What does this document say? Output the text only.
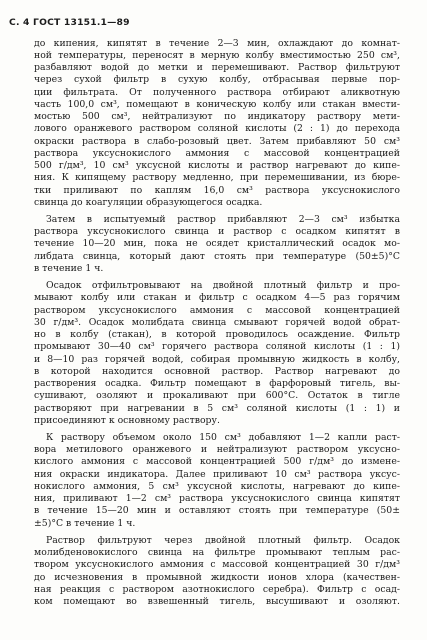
С. 4 ГОСТ 13151.1—89
до кипения, кипятят в течение 2—3 мин, охлаждают до комнат-
ной температуры, переносят в мерную колбу вместимостью 250 см³,
разбавляют водой до метки и перемешивают. Раствор фильтруют
через сухой фильтр в сухую колбу, отбрасывая первые пор-
ции фильтрата. От полученного раствора отбирают аликвотную
часть 100,0 см³, помещают в коническую колбу или стакан вмести-
мостью 500 см³, нейтрализуют по индикатору раствору мети-
лового оранжевого раствором соляной кислоты (2 : 1) до перехода
окраски раствора в слабо-розовый цвет. Затем прибавляют 50 см³
раствора уксуснокислого аммония с массовой концентрацией
500 г/дм³, 10 см³ уксусной кислоты и раствор нагревают до кипе-
ния. К кипящему раствору медленно, при перемешивании, из бюре-
тки приливают по каплям 16,0 см³ раствора уксуснокислого
свинца до коагуляции образующегося осадка.
Затем в испытуемый раствор прибавляют 2—3 см³ избытка
раствора уксуснокислого свинца и раствор с осадком кипятят в
течение 10—20 мин, пока не осядет кристаллический осадок мо-
либдата свинца, который дают стоять при температуре (50±5)°С
в течение 1 ч.
Осадок отфильтровывают на двойной плотный фильтр и про-
мывают колбу или стакан и фильтр с осадком 4—5 раз горячим
раствором уксуснокислого аммония с массовой концентрацией
30 г/дм³. Осадок молибдата свинца смывают горячей водой обрат-
но в колбу (стакан), в которой проводилось осаждение. Фильтр
промывают 30—40 см³ горячего раствора соляной кислоты (1 : 1)
и 8—10 раз горячей водой, собирая промывную жидкость в колбу,
в которой находится основной раствор. Раствор нагревают до
растворения осадка. Фильтр помещают в фарфоровый тигель, вы-
сушивают, озоляют и прокаливают при 600°С. Остаток в тигле
растворяют при нагревании в 5 см³ соляной кислоты (1 : 1) и
присоединяют к основному раствору.
К раствору объемом около 150 см³ добавляют 1—2 капли раст-
вора метилового оранжевого и нейтрализуют раствором уксусно-
кислого аммония с массовой концентрацией 500 г/дм³ до измене-
ния окраски индикатора. Далее приливают 10 см³ раствора уксус-
нокислого аммония, 5 см³ уксусной кислоты, нагревают до кипе-
ния, приливают 1—2 см³ раствора уксуснокислого свинца кипятят
в течение 15—20 мин и оставляют стоять при температуре (50±
±5)°С в течение 1 ч.
Раствор фильтруют через двойной плотный фильтр. Осадок
молибденовокислого свинца на фильтре промывают теплым рас-
твором уксуснокислого аммония с массовой концентрацией 30 г/дм³
до исчезновения в промывной жидкости ионов хлора (качествен-
ная реакция с раствором азотнокислого серебра). Фильтр с осад-
ком помещают во взвешенный тигель, высушивают и озоляют.
